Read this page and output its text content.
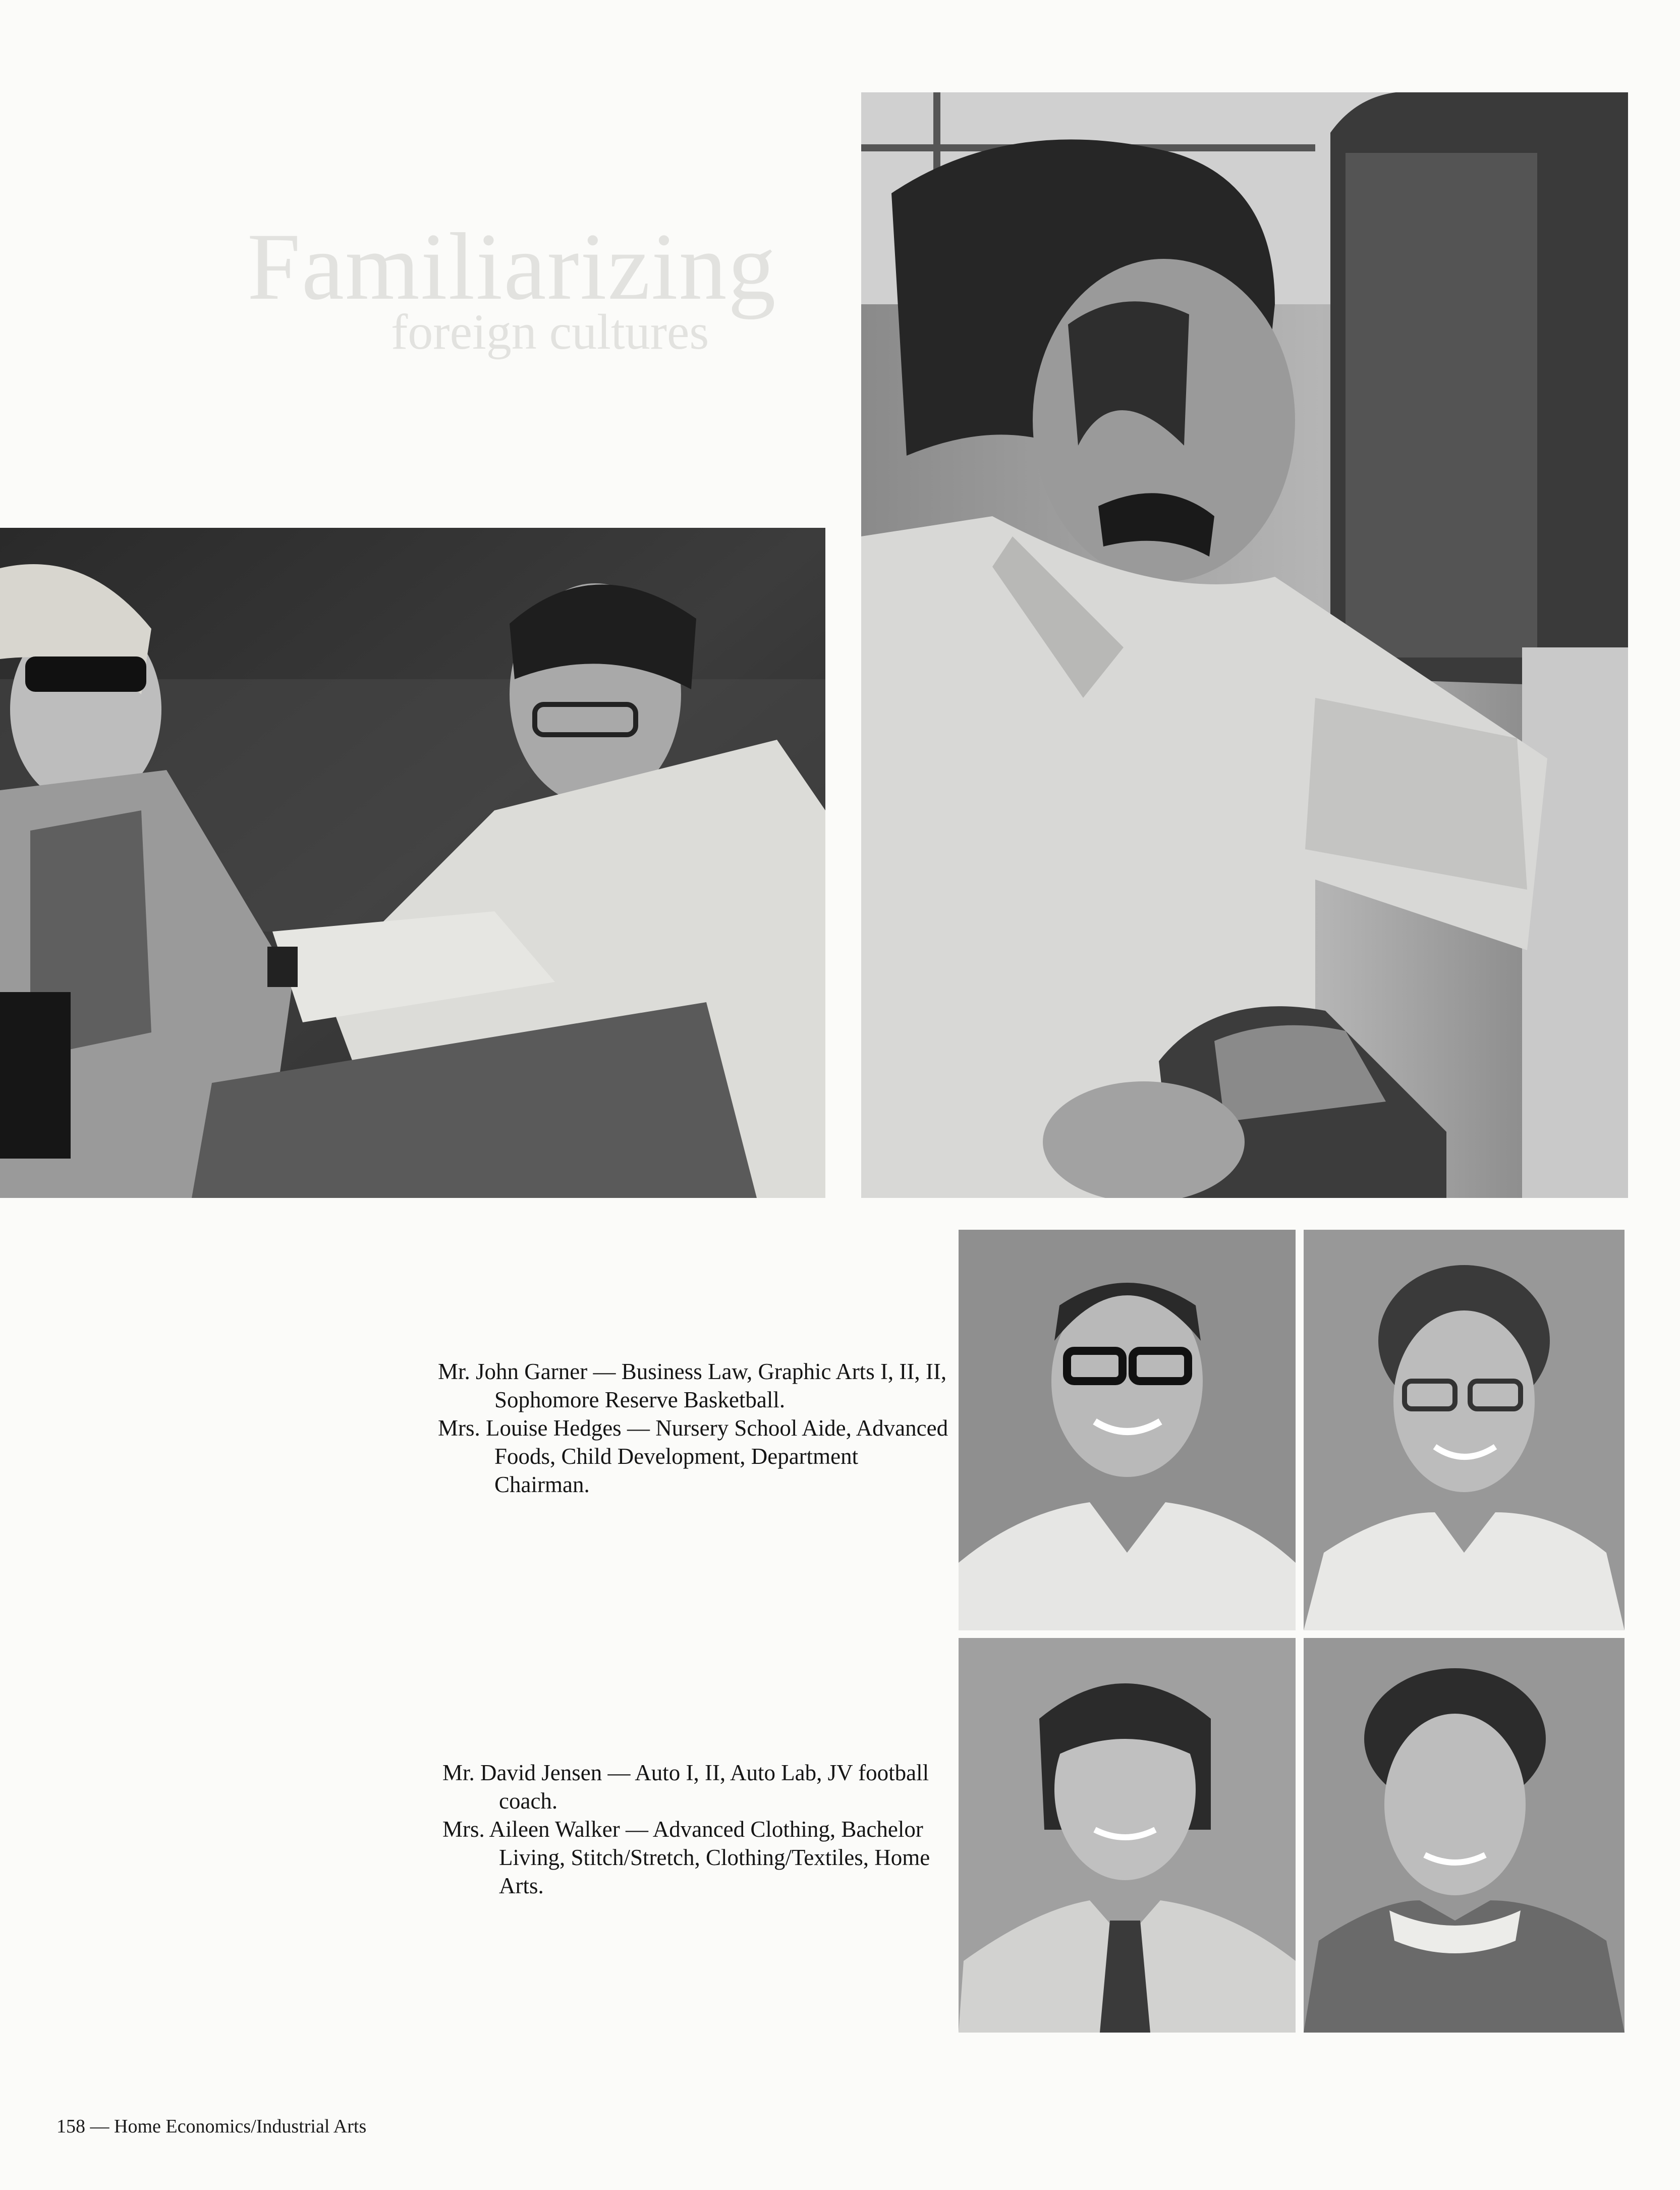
Familiarizing
foreign cultures

Mr. John Garner — Business Law, Graphic Arts I, II, II, Sophomore Reserve Basketball.

Mrs. Louise Hedges — Nursery School Aide, Advanced Foods, Child Development, Department Chairman.

Mr. David Jensen — Auto I, II, Auto Lab, JV football coach.

Mrs. Aileen Walker — Advanced Clothing, Bachelor Living, Stitch/Stretch, Clothing/Textiles, Home Arts.

158 — Home Economics/Industrial Arts
